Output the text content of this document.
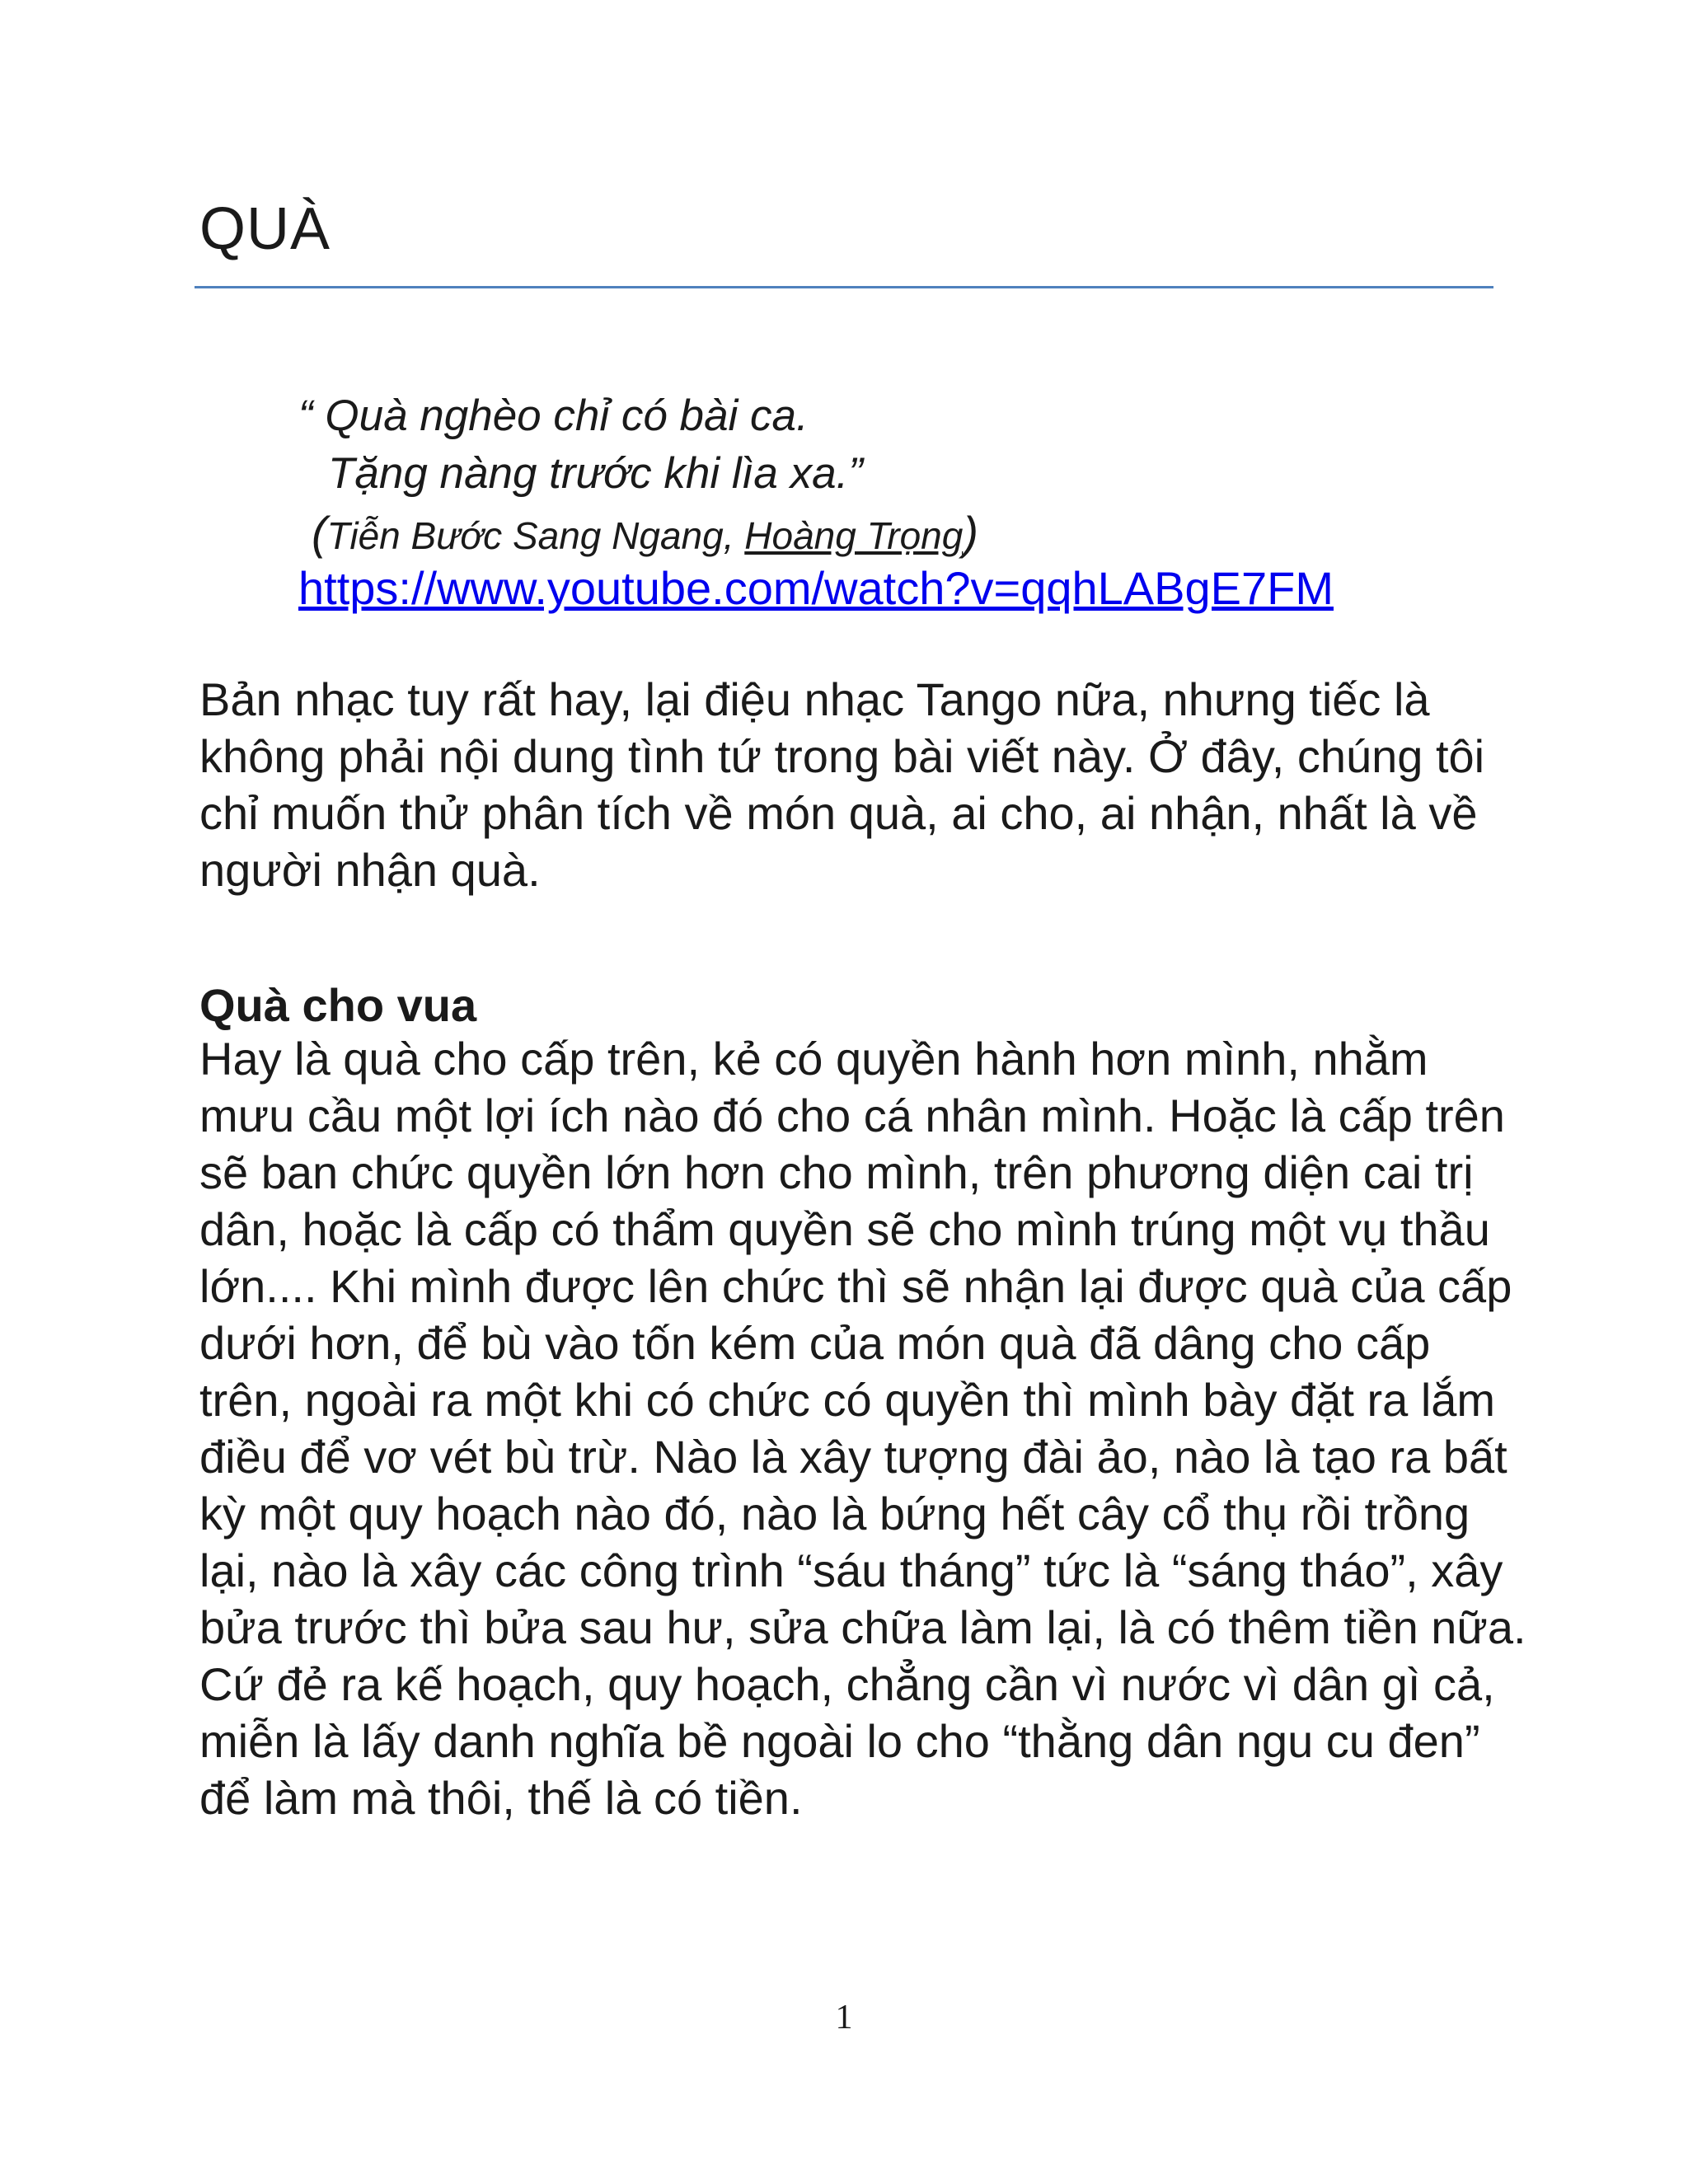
QUÀ
“ Quà nghèo chỉ có bài ca.
Tặng nàng trước khi lìa xa.”
(Tiễn Bước Sang Ngang, Hoàng Trọng)
https://www.youtube.com/watch?v=qqhLABgE7FM

Bản nhạc tuy rất hay, lại điệu nhạc Tango nữa, nhưng tiếc là không phải nội dung tình tứ trong bài viết này. Ở đây, chúng tôi chỉ muốn thử phân tích về món quà, ai cho, ai nhận, nhất là về người nhận quà.

Quà cho vua

Hay là quà cho cấp trên, kẻ có quyền hành hơn mình, nhằm mưu cầu một lợi ích nào đó cho cá nhân mình. Hoặc là cấp trên sẽ ban chức quyền lớn hơn cho mình, trên phương diện cai trị dân, hoặc là cấp có thẩm quyền sẽ cho mình trúng một vụ thầu lớn.... Khi mình được lên chức thì sẽ nhận lại được quà của cấp dưới hơn, để bù vào tốn kém của món quà đã dâng cho cấp trên, ngoài ra một khi có chức có quyền thì mình bày đặt ra lắm điều để vơ vét bù trừ. Nào là xây tượng đài ảo, nào là tạo ra bất kỳ một quy hoạch nào đó, nào là bứng hết cây cổ thụ rồi trồng lại, nào là xây các công trình “sáu tháng” tức là “sáng tháo”, xây bửa trước thì bửa sau hư, sửa chữa làm lại, là có thêm tiền nữa. Cứ đẻ ra kế hoạch, quy hoạch, chẳng cần vì nước vì dân gì cả, miễn là lấy danh nghĩa bề ngoài lo cho “thằng dân ngu cu đen” để làm mà thôi, thế là có tiền.

1
